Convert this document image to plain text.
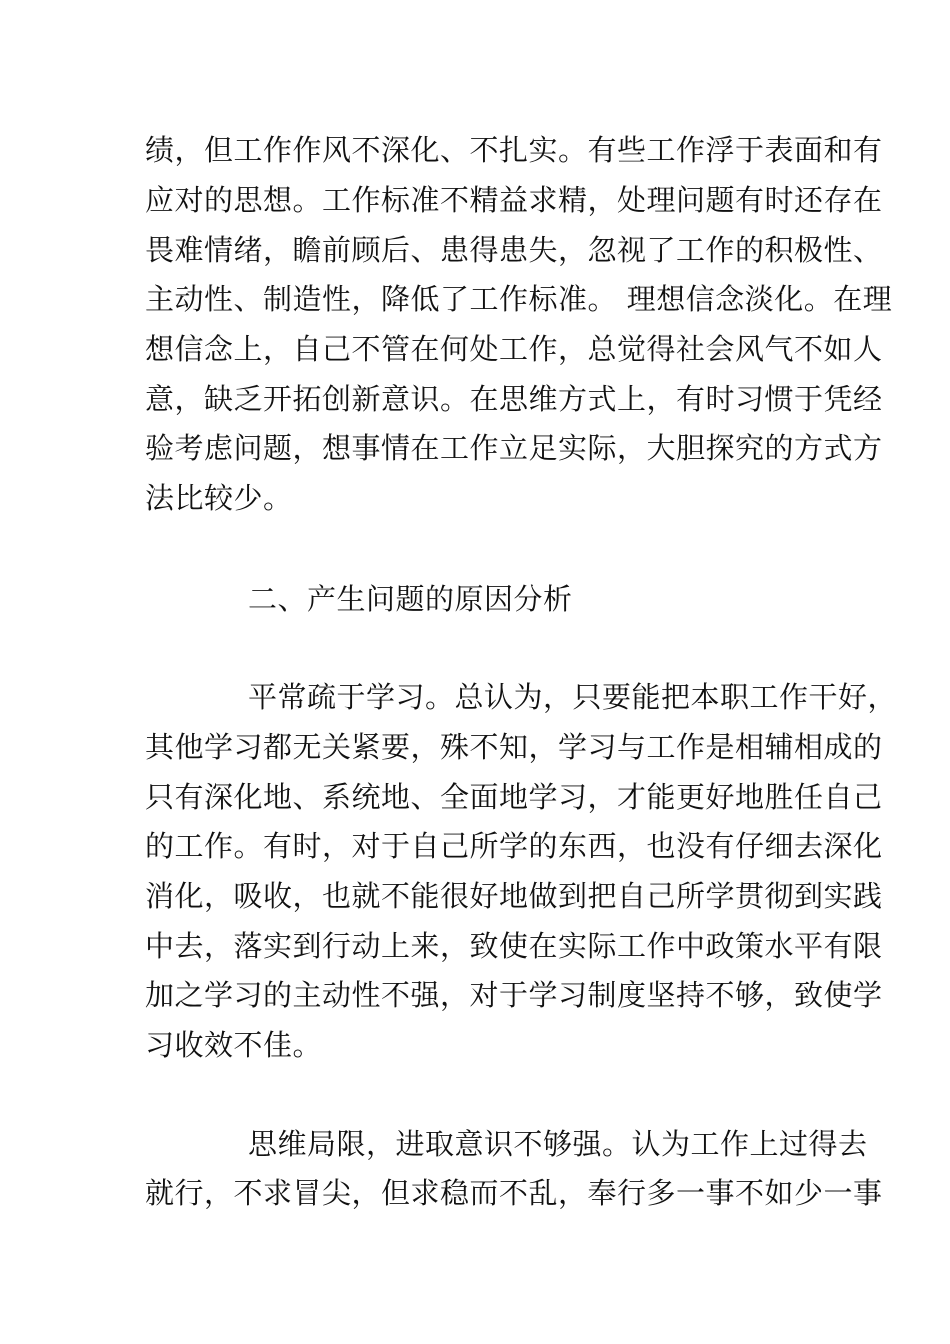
绩，但工作作风不深化、不扎实。有些工作浮于表面和有
应对的思想。工作标准不精益求精，处理问题有时还存在
畏难情绪，瞻前顾后、患得患失，忽视了工作的积极性、
主动性、制造性，降低了工作标准。 理想信念淡化。在理
想信念上，自己不管在何处工作，总觉得社会风气不如人
意，缺乏开拓创新意识。在思维方式上，有时习惯于凭经
验考虑问题，想事情在工作立足实际，大胆探究的方式方
法比较少。
二、产生问题的原因分析
平常疏于学习。总认为，只要能把本职工作干好，
其他学习都无关紧要，殊不知，学习与工作是相辅相成的
只有深化地、系统地、全面地学习，才能更好地胜任自己
的工作。有时，对于自己所学的东西，也没有仔细去深化
消化，吸收，也就不能很好地做到把自己所学贯彻到实践
中去，落实到行动上来，致使在实际工作中政策水平有限
加之学习的主动性不强，对于学习制度坚持不够，致使学
习收效不佳。
思维局限，进取意识不够强。认为工作上过得去
就行，不求冒尖，但求稳而不乱，奉行多一事不如少一事
